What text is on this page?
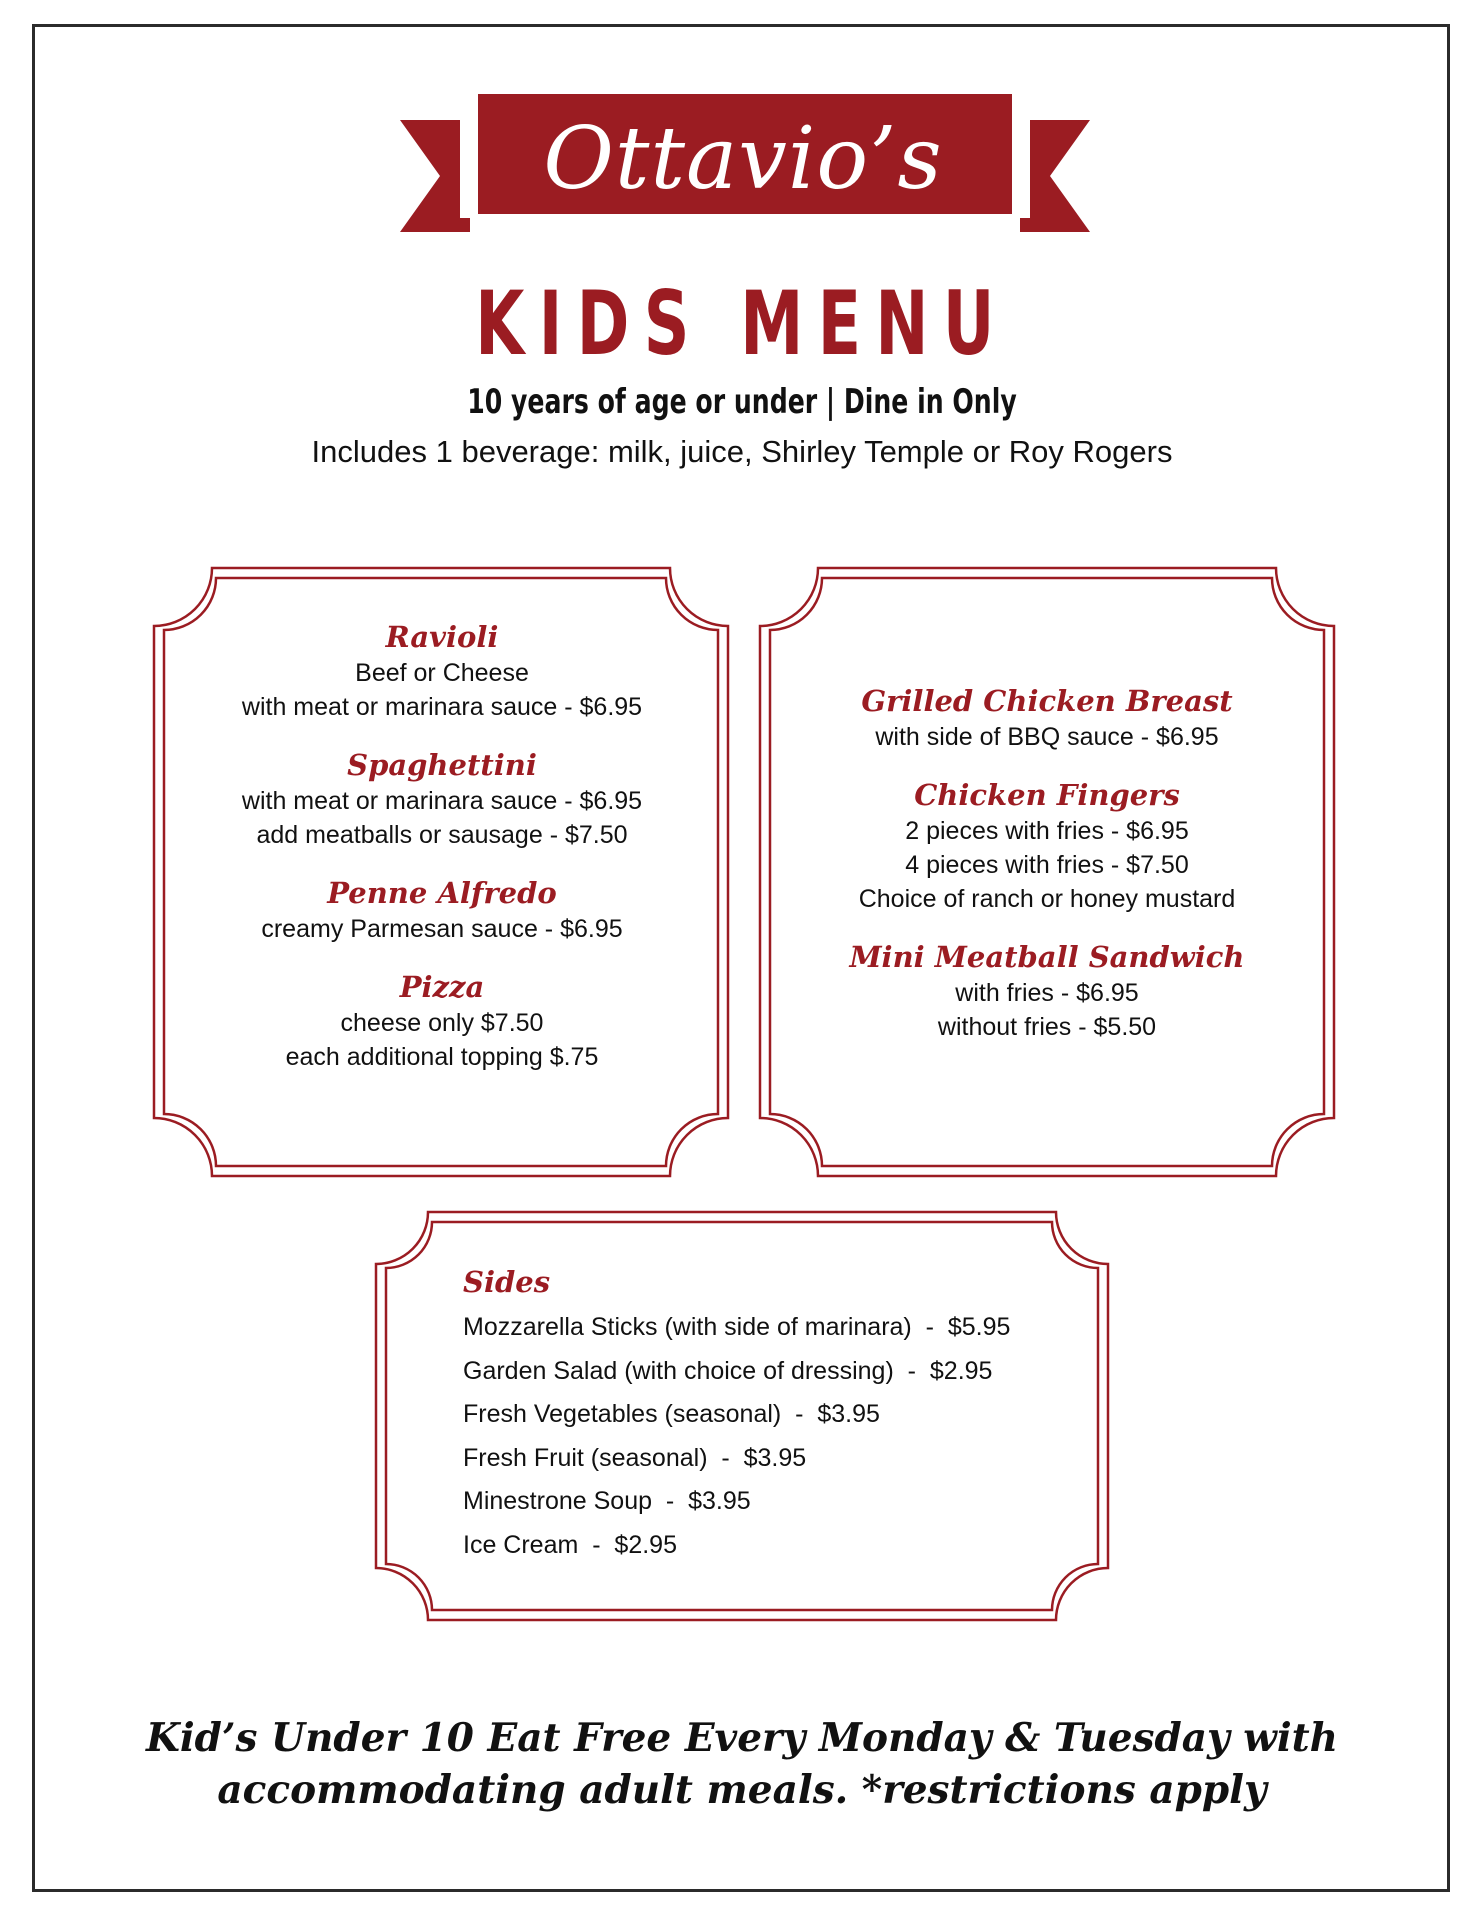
Ottavio’s
KIDS MENU
10 years of age or under | Dine in Only
Includes 1 beverage: milk, juice, Shirley Temple or Roy Rogers
Ravioli
Beef or Cheese
with meat or marinara sauce - $6.95
Spaghettini
with meat or marinara sauce - $6.95
add meatballs or sausage - $7.50
Penne Alfredo
creamy Parmesan sauce - $6.95
Pizza
cheese only $7.50
each additional topping $.75
Grilled Chicken Breast
with side of BBQ sauce - $6.95
Chicken Fingers
2 pieces with fries - $6.95
4 pieces with fries - $7.50
Choice of ranch or honey mustard
Mini Meatball Sandwich
with fries - $6.95
without fries - $5.50
Sides
Mozzarella Sticks (with side of marinara)  -  $5.95
Garden Salad (with choice of dressing)  -  $2.95
Fresh Vegetables (seasonal)  -  $3.95
Fresh Fruit (seasonal)  -  $3.95
Minestrone Soup  -  $3.95
Ice Cream  -  $2.95
Kid’s Under 10 Eat Free Every Monday & Tuesday with
accommodating adult meals. *restrictions apply
